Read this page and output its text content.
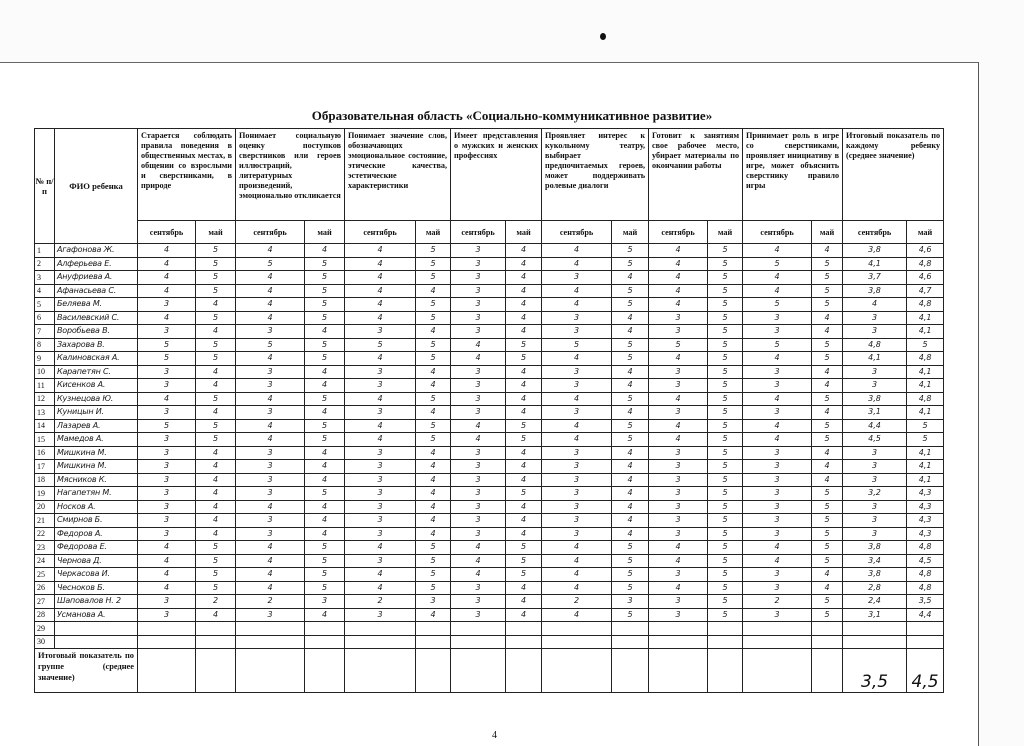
Образовательная область «Социально-коммуникативное развитие»
№ п/п	ФИО ребенка	Старается соблюдать правила поведения в общественных местах, в общении со взрослыми и сверстниками, в природе		Понимает социальную оценку поступков сверстников или героев иллюстраций, литературных произведений, эмоционально откликается		Понимает значение слов, обозначающих эмоциональное состояние, этические качества, эстетические характеристики		Имеет представления о мужских и женских профессиях		Проявляет интерес к кукольному театру, выбирает предпочитаемых героев, может поддерживать ролевые диалоги		Готовит к занятиям свое рабочее место, убирает материалы по окончании работы		Принимает роль в игре со сверстниками, проявляет инициативу в игре, может объяснить сверстнику правило игры		Итоговый показатель по каждому ребенку (среднее значение)	
		сентябрь	май	сентябрь	май	сентябрь	май	сентябрь	май	сентябрь	май	сентябрь	май	сентябрь	май	сентябрь	май
1	Агафонова Ж.	4	5	4	4	4	5	3	4	4	5	4	5	4	4	3,8	4,6
2	Алферьева Е.	4	5	5	5	4	5	3	4	4	5	4	5	5	5	4,1	4,8
3	Ануфриева А.	4	5	4	5	4	5	3	4	3	4	4	5	4	5	3,7	4,6
4	Афанасьева С.	4	5	4	5	4	4	3	4	4	5	4	5	4	5	3,8	4,7
5	Беляева М.	3	4	4	5	4	5	3	4	4	5	4	5	5	5	4	4,8
6	Василевский С.	4	5	4	5	4	5	3	4	3	4	3	5	3	4	3	4,1
7	Воробьева В.	3	4	3	4	3	4	3	4	3	4	3	5	3	4	3	4,1
8	Захарова В.	5	5	5	5	5	5	4	5	5	5	5	5	5	5	4,8	5
9	Калиновская А.	5	5	4	5	4	5	4	5	4	5	4	5	4	5	4,1	4,8
10	Карапетян С.	3	4	3	4	3	4	3	4	3	4	3	5	3	4	3	4,1
11	Кисенков А.	3	4	3	4	3	4	3	4	3	4	3	5	3	4	3	4,1
12	Кузнецова Ю.	4	5	4	5	4	5	3	4	4	5	4	5	4	5	3,8	4,8
13	Куницын И.	3	4	3	4	3	4	3	4	3	4	3	5	3	4	3,1	4,1
14	Лазарев А.	5	5	4	5	4	5	4	5	4	5	4	5	4	5	4,4	5
15	Мамедов А.	3	5	4	5	4	5	4	5	4	5	4	5	4	5	4,5	5
16	Мишкина М.	3	4	3	4	3	4	3	4	3	4	3	5	3	4	3	4,1
17	Мишкина М.	3	4	3	4	3	4	3	4	3	4	3	5	3	4	3	4,1
18	Мясников К.	3	4	3	4	3	4	3	4	3	4	3	5	3	4	3	4,1
19	Нагапетян М.	3	4	3	5	3	4	3	5	3	4	3	5	3	5	3,2	4,3
20	Носков А.	3	4	4	4	3	4	3	4	3	4	3	5	3	5	3	4,3
21	Смирнов Б.	3	4	3	4	3	4	3	4	3	4	3	5	3	5	3	4,3
22	Федоров А.	3	4	3	4	3	4	3	4	3	4	3	5	3	5	3	4,3
23	Федорова Е.	4	5	4	5	4	5	4	5	4	5	4	5	4	5	3,8	4,8
24	Чернова Д.	4	5	4	5	3	5	4	5	4	5	4	5	4	5	3,4	4,5
25	Черкасова И.	4	5	4	5	4	5	4	5	4	5	3	5	3	4	3,8	4,8
26	Чесноков Б.	4	5	4	5	4	5	3	4	4	5	4	5	3	4	2,8	4,8
27	Шаповалов Н. 2	3	2	2	3	2	3	3	4	2	3	3	5	2	5	2,4	3,5
28	Усманова А.	3	4	3	4	3	4	3	4	4	5	3	5	3	5	3,1	4,4
29																	
30																	
Итоговый показатель по группе (среднее значение)																3,5	4,5
4
